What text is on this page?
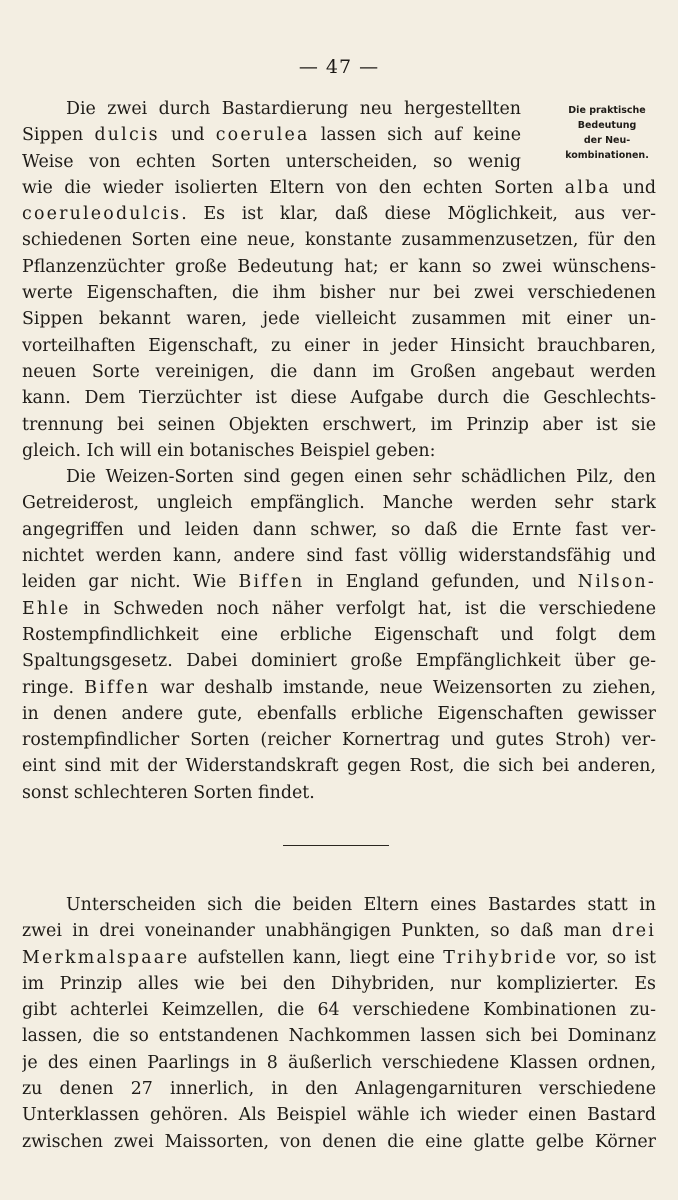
— 47 —
Die praktische
Bedeutung
der Neu-
kombinationen.
Die zwei durch Bastardierung neu hergestellten
Sippen dulcis und coerulea lassen sich auf keine
Weise von echten Sorten unterscheiden, so wenig
wie die wieder isolierten Eltern von den echten Sorten alba und
coeruleodulcis. Es ist klar, daß diese Möglichkeit, aus ver-
schiedenen Sorten eine neue, konstante zusammenzusetzen, für den
Pflanzenzüchter große Bedeutung hat; er kann so zwei wünschens-
werte Eigenschaften, die ihm bisher nur bei zwei verschiedenen
Sippen bekannt waren, jede vielleicht zusammen mit einer un-
vorteilhaften Eigenschaft, zu einer in jeder Hinsicht brauchbaren,
neuen Sorte vereinigen, die dann im Großen angebaut werden
kann. Dem Tierzüchter ist diese Aufgabe durch die Geschlechts-
trennung bei seinen Objekten erschwert, im Prinzip aber ist sie
gleich. Ich will ein botanisches Beispiel geben:
Die Weizen-Sorten sind gegen einen sehr schädlichen Pilz, den
Getreiderost, ungleich empfänglich. Manche werden sehr stark
angegriffen und leiden dann schwer, so daß die Ernte fast ver-
nichtet werden kann, andere sind fast völlig widerstandsfähig und
leiden gar nicht. Wie Biffen in England gefunden, und Nilson-
Ehle in Schweden noch näher verfolgt hat, ist die verschiedene
Rostempfindlichkeit eine erbliche Eigenschaft und folgt dem
Spaltungsgesetz. Dabei dominiert große Empfänglichkeit über ge-
ringe. Biffen war deshalb imstande, neue Weizensorten zu ziehen,
in denen andere gute, ebenfalls erbliche Eigenschaften gewisser
rostempfindlicher Sorten (reicher Kornertrag und gutes Stroh) ver-
eint sind mit der Widerstandskraft gegen Rost, die sich bei anderen,
sonst schlechteren Sorten findet.
Unterscheiden sich die beiden Eltern eines Bastardes statt in
zwei in drei voneinander unabhängigen Punkten, so daß man drei
Merkmalspaare aufstellen kann, liegt eine Trihybride vor, so ist
im Prinzip alles wie bei den Dihybriden, nur komplizierter. Es
gibt achterlei Keimzellen, die 64 verschiedene Kombinationen zu-
lassen, die so entstandenen Nachkommen lassen sich bei Dominanz
je des einen Paarlings in 8 äußerlich verschiedene Klassen ordnen,
zu denen 27 innerlich, in den Anlagengarnituren verschiedene
Unterklassen gehören. Als Beispiel wähle ich wieder einen Bastard
zwischen zwei Maissorten, von denen die eine glatte gelbe Körner
